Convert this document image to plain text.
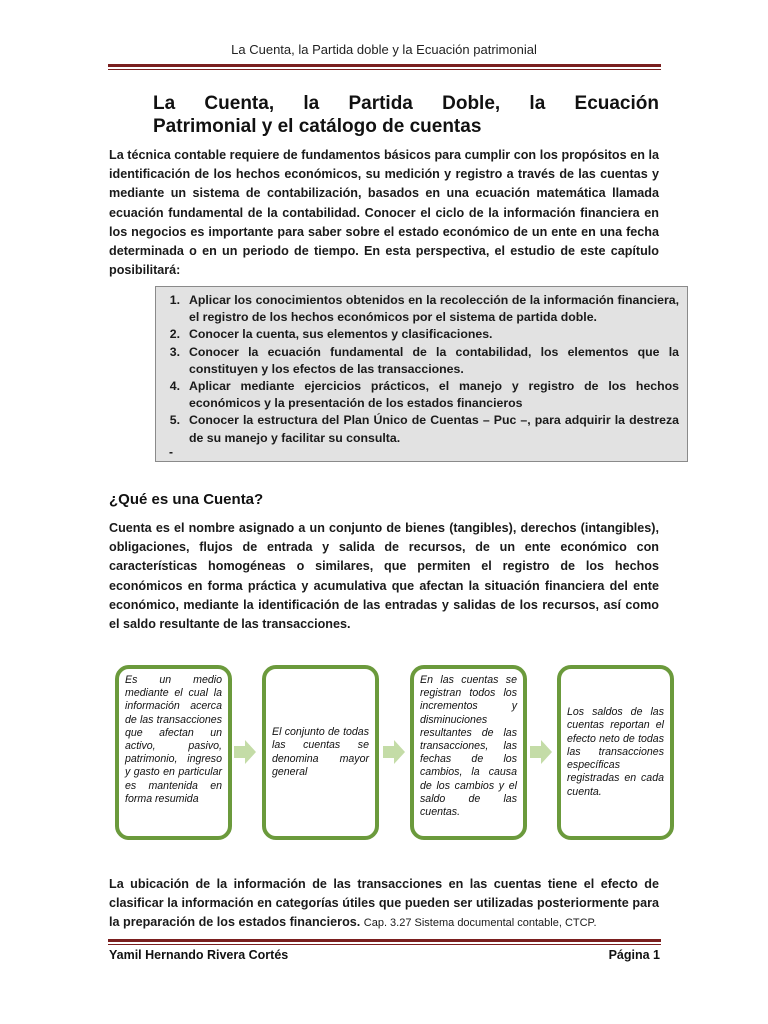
La Cuenta, la Partida doble y la Ecuación patrimonial
La Cuenta, la Partida Doble, la Ecuación
Patrimonial y el catálogo de cuentas
La técnica contable requiere de fundamentos básicos para cumplir con los propósitos en la identificación de los hechos económicos, su medición y registro a través de las cuentas y mediante un sistema de contabilización, basados en una ecuación matemática llamada ecuación fundamental de la contabilidad. Conocer el ciclo de la información financiera en los negocios es importante para saber sobre el estado económico de un ente en una fecha determinada o en un periodo de tiempo. En esta perspectiva, el estudio de este capítulo posibilitará:
1. Aplicar los conocimientos obtenidos en la recolección de la información financiera, el registro de los hechos económicos por el sistema de partida doble.
2. Conocer la cuenta, sus elementos y clasificaciones.
3. Conocer la ecuación fundamental de la contabilidad, los elementos que la constituyen y los efectos de las transacciones.
4. Aplicar mediante ejercicios prácticos, el manejo y registro de los hechos económicos y la presentación de los estados financieros
5. Conocer la estructura del Plan Único de Cuentas – Puc –, para adquirir la destreza de su manejo y facilitar su consulta.
-
¿Qué es una Cuenta?
Cuenta es el nombre asignado a un conjunto de bienes (tangibles), derechos (intangibles), obligaciones, flujos de entrada y salida de recursos, de un ente económico con características homogéneas o similares, que permiten el registro de los hechos económicos en forma práctica y acumulativa que afectan la situación financiera del ente económico, mediante la identificación de las entradas y salidas de los recursos, así como el saldo resultante de las transacciones.
Es un medio mediante el cual la información acerca de las transacciones que afectan un activo, pasivo, patrimonio, ingreso y gasto en particular es mantenida en forma resumida
El conjunto de todas las cuentas se denomina mayor general
En las cuentas se registran todos los incrementos y disminuciones resultantes de las transacciones, las fechas de los cambios, la causa de los cambios y el saldo de las cuentas.
Los saldos de las cuentas reportan el efecto neto de todas las transacciones específicas registradas en cada cuenta.
La ubicación de la información de las transacciones en las cuentas tiene el efecto de clasificar la información en categorías útiles que pueden ser utilizadas posteriormente para la preparación de los estados financieros. Cap. 3.27 Sistema documental contable, CTCP.
Yamil Hernando Rivera Cortés	Página 1
